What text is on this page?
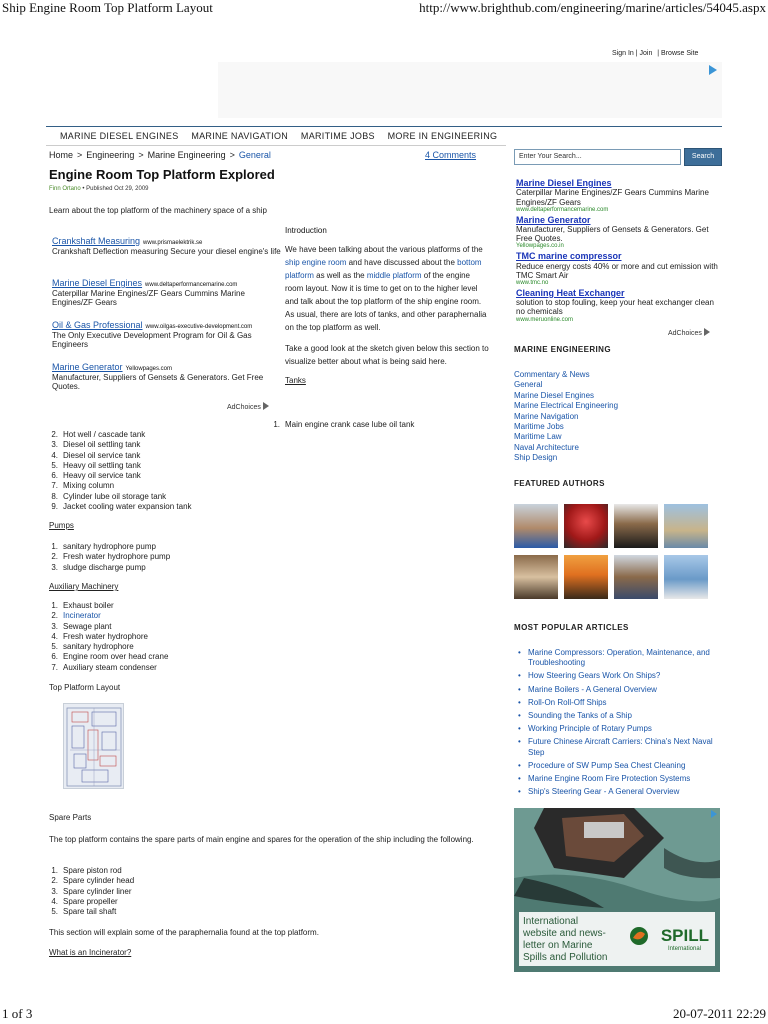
Ship Engine Room Top Platform Layout	http://www.brighthub.com/engineering/marine/articles/54045.aspx
1 of 3	20-07-2011 22:29
Sign In | Join | Browse Site
MARINE DIESEL ENGINES MARINE NAVIGATION MARITIME JOBS MORE IN ENGINEERING
Home > Engineering > Marine Engineering > General	4 Comments
Engine Room Top Platform Explored
Finn Ortano • Published Oct 29, 2009
Learn about the top platform of the machinery space of a ship
Crankshaft Measuring www.prismaelektrik.se
Crankshaft Deflection measuring Secure your diesel engine's life
Marine Diesel Engines www.deltaperformancemarine.com
Caterpillar Marine Engines/ZF Gears Cummins Marine Engines/ZF Gears
Oil & Gas Professional www.oilgas-executive-development.com
The Only Executive Development Program for Oil & Gas Engineers
Marine Generator Yellowpages.com
Manufacturer, Suppliers of Gensets & Generators. Get Free Quotes.
AdChoices
Introduction
We have been talking about the various platforms of the ship engine room and have discussed about the bottom platform as well as the middle platform of the engine room layout. Now it is time to get on to the higher level and talk about the top platform of the ship engine room. As usual, there are lots of tanks, and other paraphernalia on the top platform as well.
Take a good look at the sketch given below this section to visualize better about what is being said here.
Tanks
1. Main engine crank case lube oil tank
2. Hot well / cascade tank
3. Diesel oil settling tank
4. Diesel oil service tank
5. Heavy oil settling tank
6. Heavy oil service tank
7. Mixing column
8. Cylinder lube oil storage tank
9. Jacket cooling water expansion tank
Pumps
1. sanitary hydrophore pump
2. Fresh water hydrophore pump
3. sludge discharge pump
Auxiliary Machinery
1. Exhaust boiler
2. Incinerator
3. Sewage plant
4. Fresh water hydrophore
5. sanitary hydrophore
6. Engine room over head crane
7. Auxiliary steam condenser
Top Platform Layout
Spare Parts
The top platform contains the spare parts of main engine and spares for the operation of the ship including the following.
1. Spare piston rod
2. Spare cylinder head
3. Spare cylinder liner
4. Spare propeller
5. Spare tail shaft
This section will explain some of the paraphernalia found at the top platform.
What is an Incinerator?
Enter Your Search...	Search
Marine Diesel Engines
Caterpillar Marine Engines/ZF Gears Cummins Marine Engines/ZF Gears
www.deltaperformancemarine.com
Marine Generator
Manufacturer, Suppliers of Gensets & Generators. Get Free Quotes.
Yellowpages.co.in
TMC marine compressor
Reduce energy costs 40% or more and cut emission with TMC Smart Air
www.tmc.no
Cleaning Heat Exchanger
solution to stop fouling, keep your heat exchanger clean no chemicals
www.meruonline.com
AdChoices
MARINE ENGINEERING
Commentary & News
General
Marine Diesel Engines
Marine Electrical Engineering
Marine Navigation
Maritime Jobs
Maritime Law
Naval Architecture
Ship Design
FEATURED AUTHORS
MOST POPULAR ARTICLES
• Marine Compressors: Operation, Maintenance, and Troubleshooting
• How Steering Gears Work On Ships?
• Marine Boilers - A General Overview
• Roll-On Roll-Off Ships
• Sounding the Tanks of a Ship
• Working Principle of Rotary Pumps
• Future Chinese Aircraft Carriers: China's Next Naval Step
• Procedure of SW Pump Sea Chest Cleaning
• Marine Engine Room Fire Protection Systems
• Ship's Steering Gear - A General Overview
International
website and news-
letter on Marine
Spills and Pollution
SPILL
International
